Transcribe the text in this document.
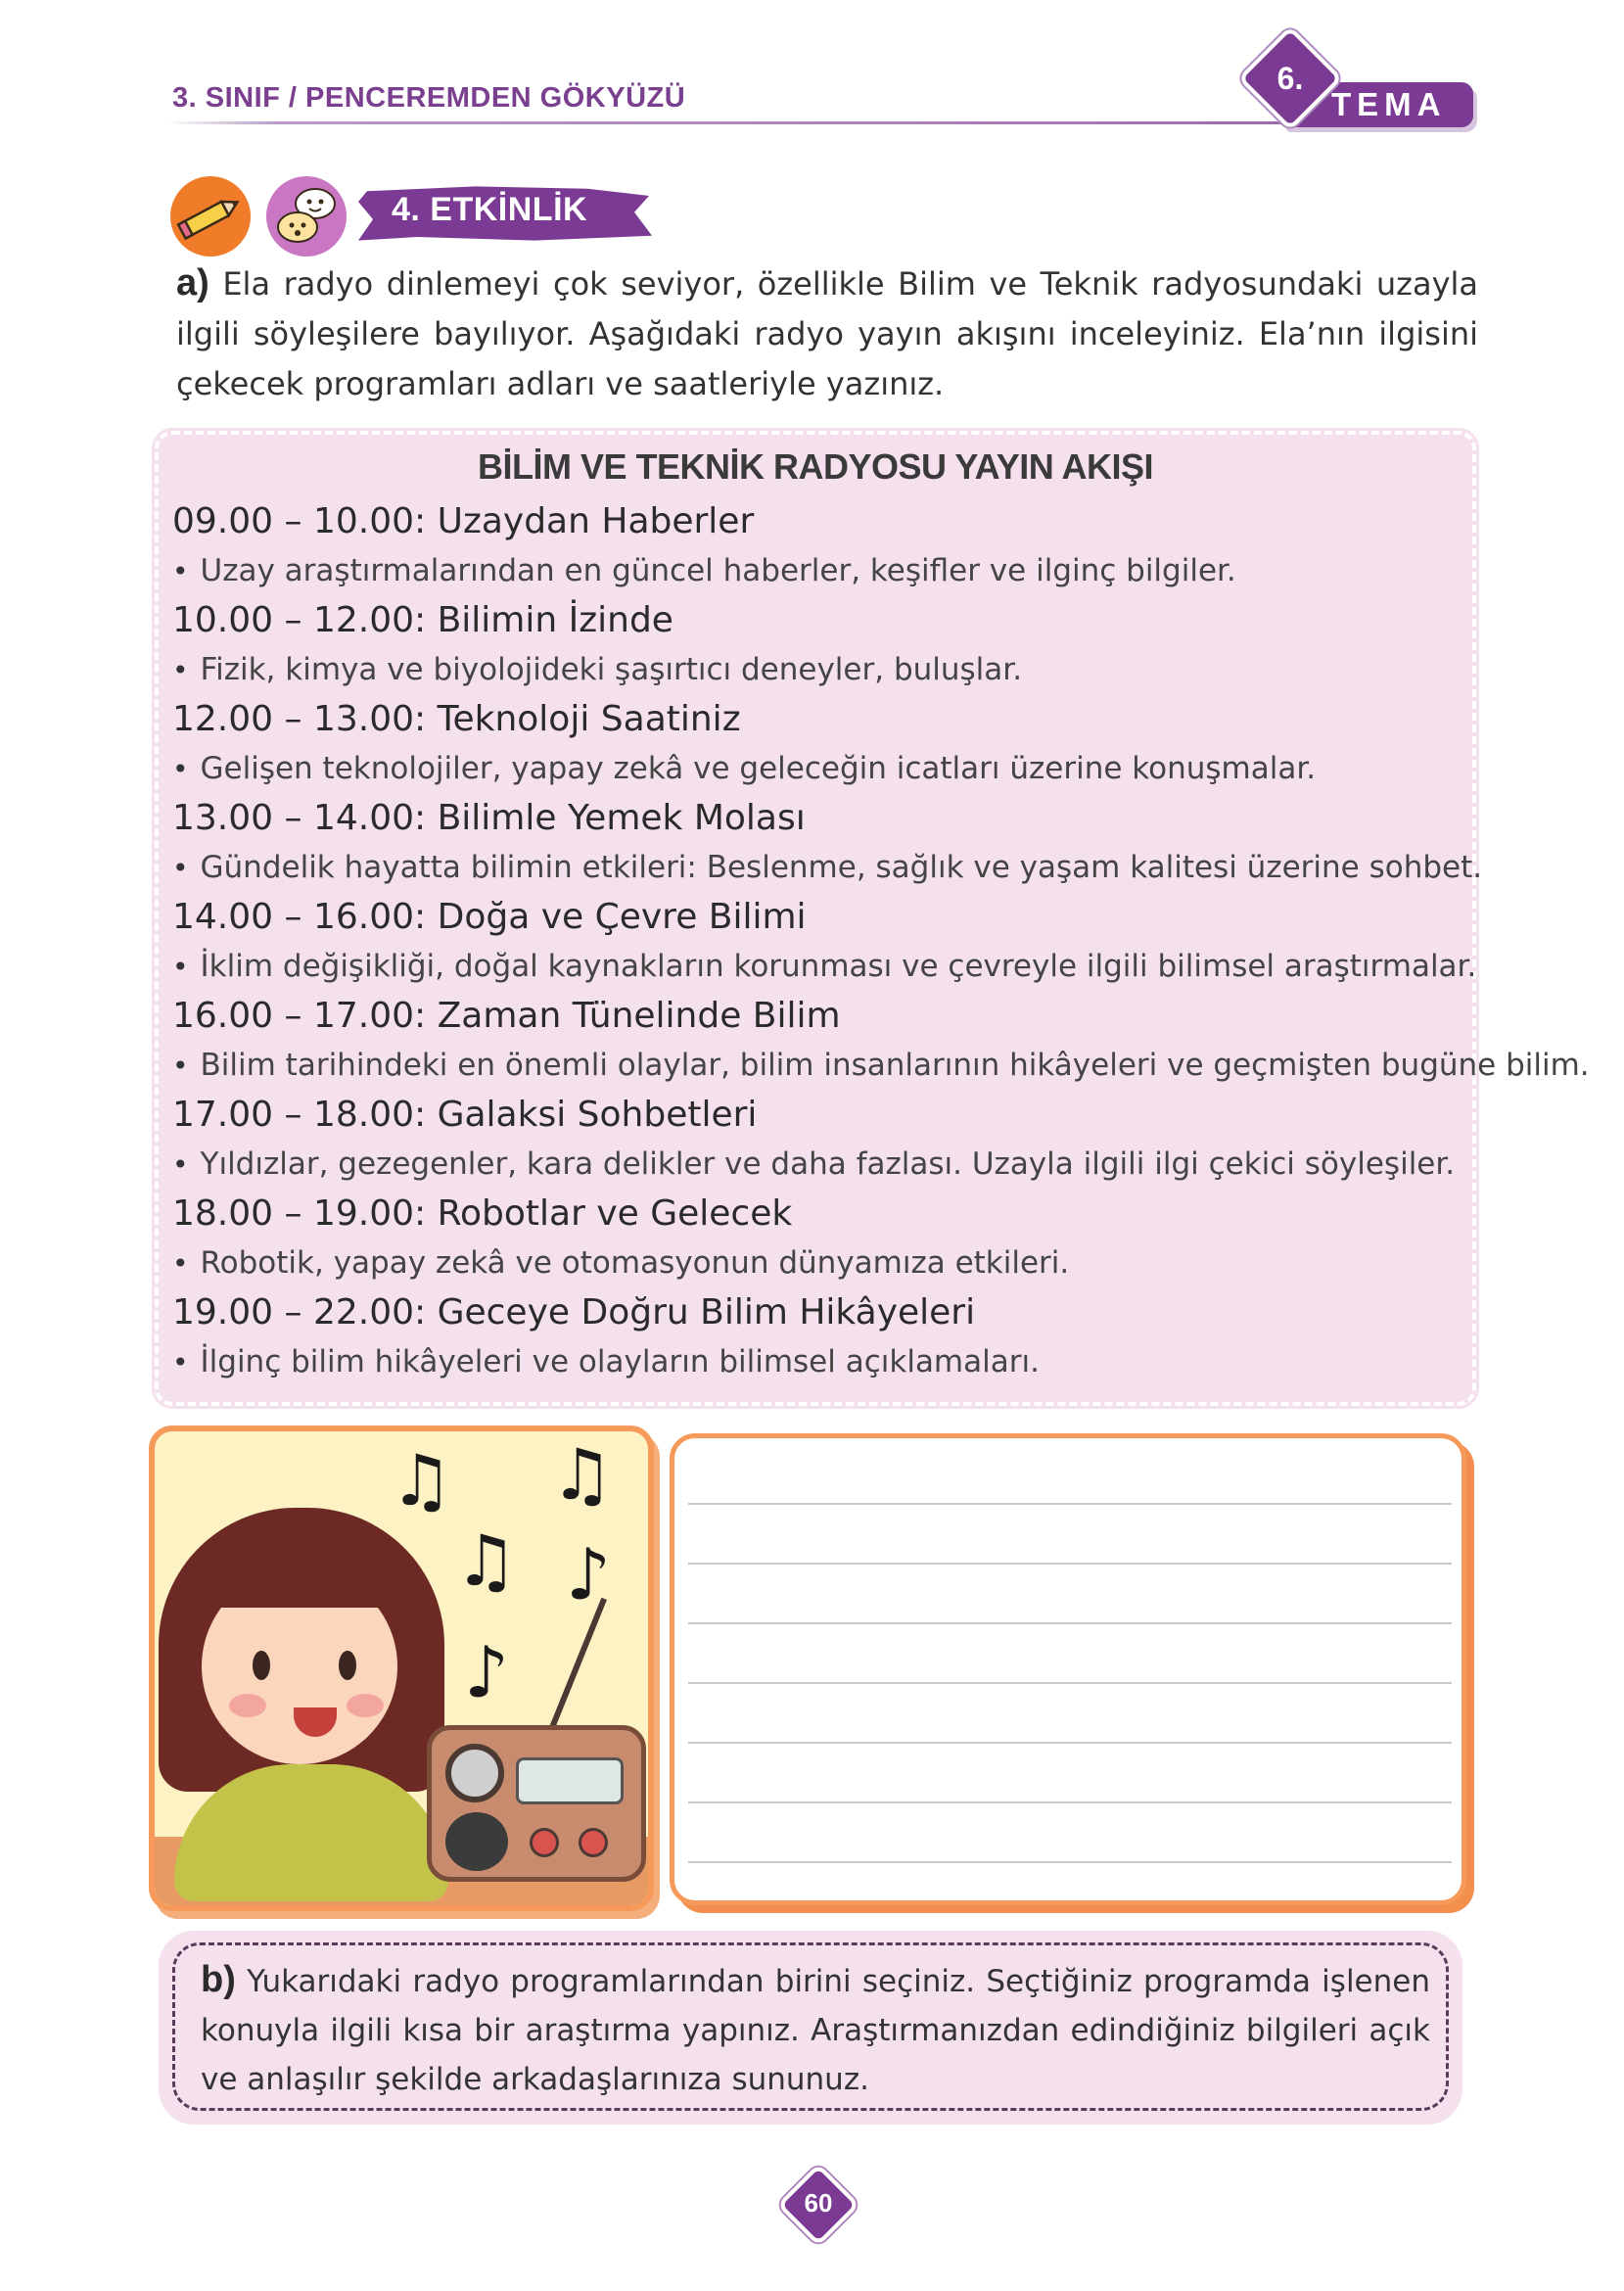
3. SINIF / PENCEREMDEN GÖKYÜZÜ	TEMA
6.
4. ETKİNLİK
a) Ela radyo dinlemeyi çok seviyor, özellikle Bilim ve Teknik radyosundaki uzayla ilgili söyleşilere bayılıyor. Aşağıdaki radyo yayın akışını inceleyiniz. Ela’nın ilgisini çekecek programları adları ve saatleriyle yazınız.
BİLİM VE TEKNİK RADYOSU YAYIN AKIŞI
09.00 – 10.00: Uzaydan Haberler
• Uzay araştırmalarından en güncel haberler, keşifler ve ilginç bilgiler.
10.00 – 12.00: Bilimin İzinde
• Fizik, kimya ve biyolojideki şaşırtıcı deneyler, buluşlar.
12.00 – 13.00: Teknoloji Saatiniz
• Gelişen teknolojiler, yapay zekâ ve geleceğin icatları üzerine konuşmalar.
13.00 – 14.00: Bilimle Yemek Molası
• Gündelik hayatta bilimin etkileri: Beslenme, sağlık ve yaşam kalitesi üzerine sohbet.
14.00 – 16.00: Doğa ve Çevre Bilimi
• İklim değişikliği, doğal kaynakların korunması ve çevreyle ilgili bilimsel araştırmalar.
16.00 – 17.00: Zaman Tünelinde Bilim
• Bilim tarihindeki en önemli olaylar, bilim insanlarının hikâyeleri ve geçmişten bugüne bilim.
17.00 – 18.00: Galaksi Sohbetleri
• Yıldızlar, gezegenler, kara delikler ve daha fazlası. Uzayla ilgili ilgi çekici söyleşiler.
18.00 – 19.00: Robotlar ve Gelecek
• Robotik, yapay zekâ ve otomasyonun dünyamıza etkileri.
19.00 – 22.00: Geceye Doğru Bilim Hikâyeleri
• İlginç bilim hikâyeleri ve olayların bilimsel açıklamaları.
♫ ♫
♫ ♪
♪
b) Yukarıdaki radyo programlarından birini seçiniz. Seçtiğiniz programda işlenen konuyla ilgili kısa bir araştırma yapınız. Araştırmanızdan edindiğiniz bilgileri açık ve anlaşılır şekilde arkadaşlarınıza sununuz.
60
